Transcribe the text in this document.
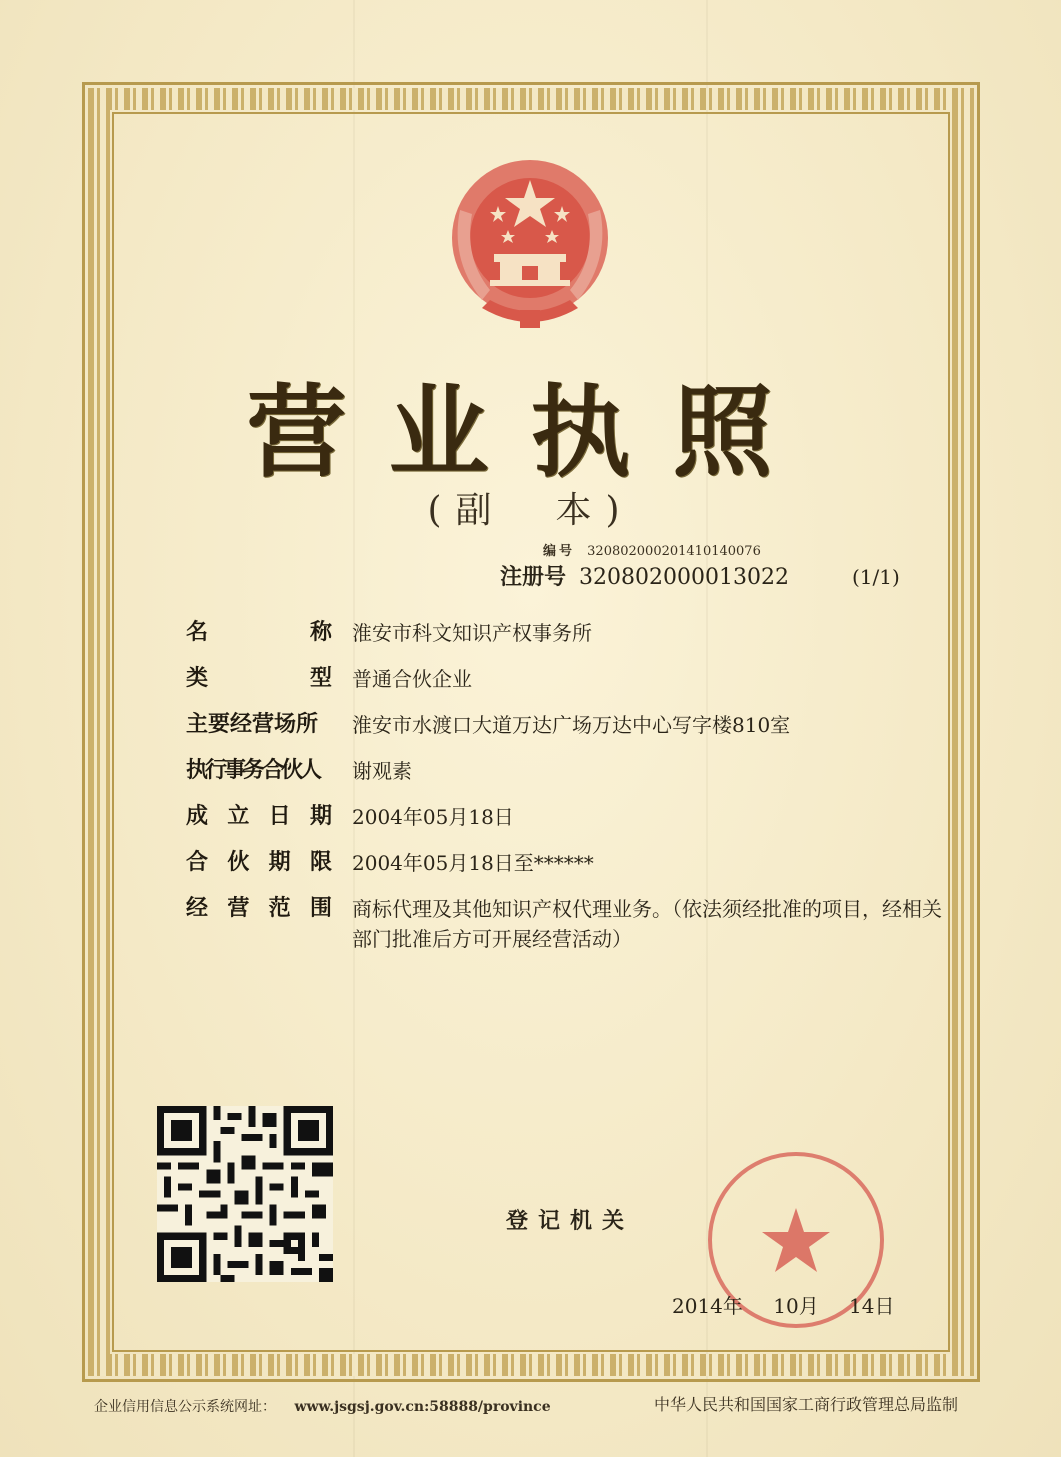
营业执照
(副　本)
编号 320802000201410140076
注册号 320802000013022	(1/1)
名	称 淮安市科文知识产权事务所
类	型 普通合伙企业
主要经营场所	淮安市水渡口大道万达广场万达中心写字楼810室
执行事务合伙人	谢观素
成 立 日 期 2004年05月18日
合 伙 期 限 2004年05月18日至******
经 营 范 围 商标代理及其他知识产权代理业务。（依法须经批准的项目，经相关部门批准后方可开展经营活动）
登记机关
2014年 10月 14日
企业信用信息公示系统网址： www.jsgsj.gov.cn:58888/province	中华人民共和国国家工商行政管理总局监制
